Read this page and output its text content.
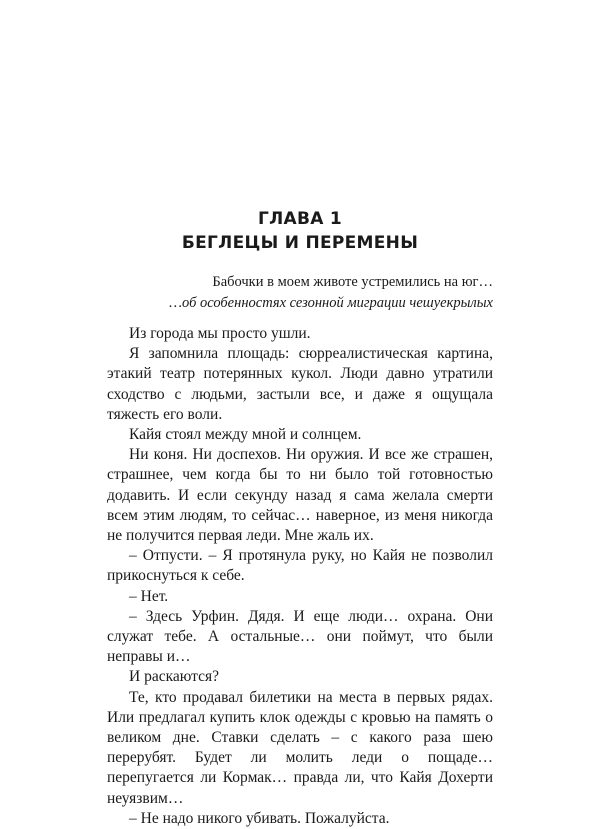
ГЛАВА 1
БЕГЛЕЦЫ И ПЕРЕМЕНЫ
Бабочки в моем животе устремились на юг…
…об особенностях сезонной миграции чешуекрылых

Из города мы просто ушли.

Я запомнила площадь: сюрреалистическая картина, этакий театр потерянных кукол. Люди давно утратили сходство с людьми, застыли все, и даже я ощущала тяжесть его воли.

Кайя стоял между мной и солнцем.

Ни коня. Ни доспехов. Ни оружия. И все же страшен, страшнее, чем когда бы то ни было той готовностью додавить. И если секунду назад я сама желала смерти всем этим людям, то сейчас… наверное, из меня никогда не получится первая леди. Мне жаль их.

– Отпусти. – Я протянула руку, но Кайя не позволил прикоснуться к себе.

– Нет.

– Здесь Урфин. Дядя. И еще люди… охрана. Они служат тебе. А остальные… они поймут, что были неправы и…

И раскаются?

Те, кто продавал билетики на места в первых рядах. Или предлагал купить клок одежды с кровью на память о великом дне. Ставки сделать – с какого раза шею перерубят. Будет ли молить леди о пощаде… перепугается ли Кормак… правда ли, что Кайя Дохерти неуязвим…

– Не надо никого убивать. Пожалуйста.
